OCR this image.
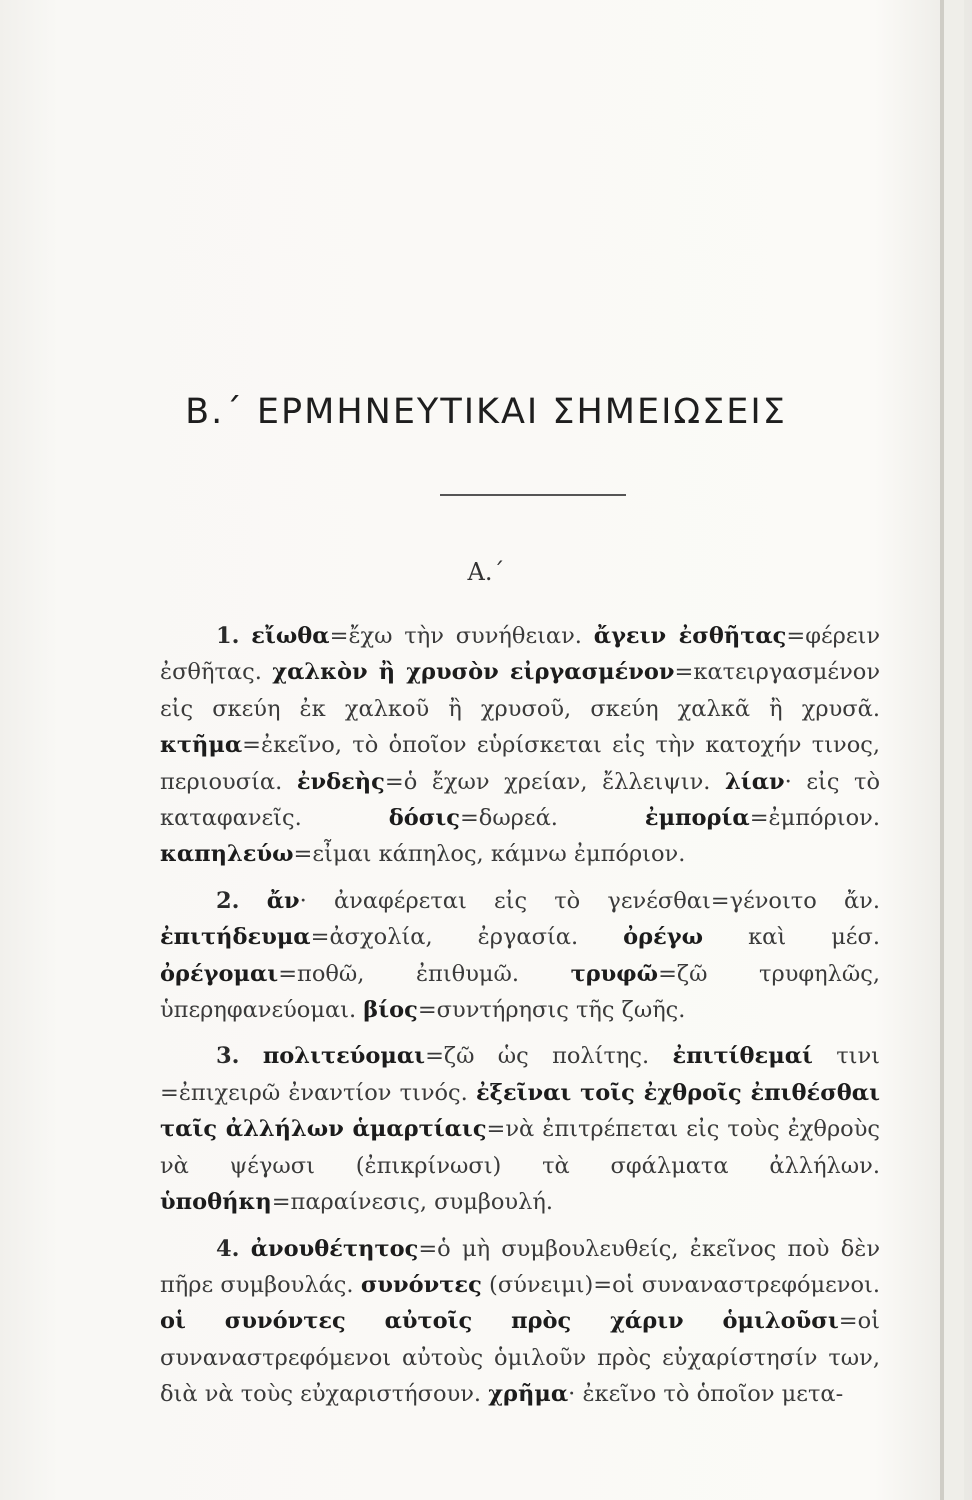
Β.΄ ΕΡΜΗΝΕΥΤΙΚΑΙ ΣΗΜΕΙΩΣΕΙΣ
Α.΄

1. εἴωθα=ἔχω τὴν συνήθειαν. ἄγειν ἐσθῆτας=φέρειν ἐσθῆτας. χαλκὸν ἢ χρυσὸν εἰργασμένον=κατειργασμένον εἰς σκεύη ἐκ χαλκοῦ ἢ χρυσοῦ, σκεύη χαλκᾶ ἢ χρυσᾶ. κτῆμα=ἐκεῖνο, τὸ ὁποῖον εὑρίσκεται εἰς τὴν κατοχήν τινος, περιουσία. ἐνδεὴς=ὁ ἔχων χρείαν, ἔλλειψιν. λίαν· εἰς τὸ καταφανεῖς. δόσις=δωρεά. ἐμπορία=ἐμπόριον. καπηλεύω=εἶμαι κάπηλος, κάμνω ἐμπόριον.

2. ἄν· ἀναφέρεται εἰς τὸ γενέσθαι=γένοιτο ἄν. ἐπιτήδευμα=ἀσχολία, ἐργασία. ὀρέγω καὶ μέσ. ὀρέγομαι=ποθῶ, ἐπιθυμῶ. τρυφῶ=ζῶ τρυφηλῶς, ὑπερηφανεύομαι. βίος=συντήρησις τῆς ζωῆς.

3. πολιτεύομαι=ζῶ ὡς πολίτης. ἐπιτίθεμαί τινι =ἐπιχειρῶ ἐναντίον τινός. ἐξεῖναι τοῖς ἐχθροῖς ἐπιθέσθαι ταῖς ἀλλήλων ἁμαρτίαις=νὰ ἐπιτρέπεται εἰς τοὺς ἐχθροὺς νὰ ψέγωσι (ἐπικρίνωσι) τὰ σφάλματα ἀλλήλων. ὑποθήκη=παραίνεσις, συμβουλή.

4. ἀνουθέτητος=ὁ μὴ συμβουλευθείς, ἐκεῖνος ποὺ δὲν πῆρε συμβουλάς. συνόντες (σύνειμι)=οἱ συναναστρεφόμενοι. οἱ συνόντες αὐτοῖς πρὸς χάριν ὁμιλοῦσι=οἱ συναναστρεφόμενοι αὐτοὺς ὁμιλοῦν πρὸς εὐχαρίστησίν των, διὰ νὰ τοὺς εὐχαριστήσουν. χρῆμα· ἐκεῖνο τὸ ὁποῖον μετα-
